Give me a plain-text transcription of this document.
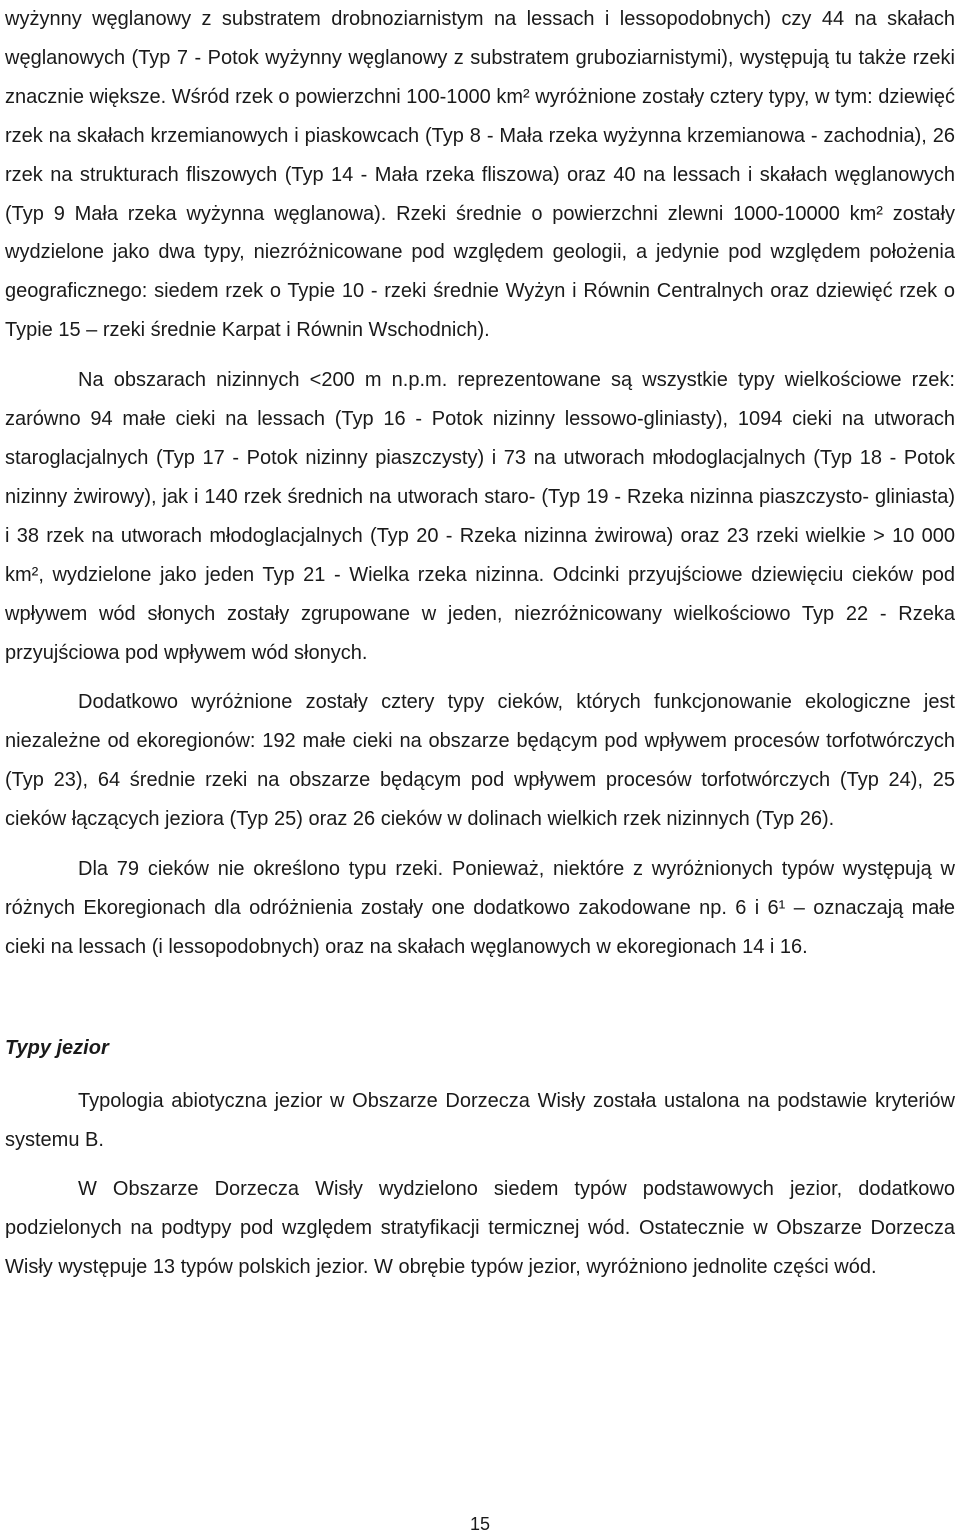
wyżynny węglanowy z substratem drobnoziarnistym na lessach i lessopodobnych) czy 44 na skałach węglanowych (Typ 7 - Potok wyżynny węglanowy z substratem gruboziarnistymi), występują tu także rzeki znacznie większe. Wśród rzek o powierzchni 100-1000 km² wyróżnione zostały cztery typy, w tym: dziewięć rzek na skałach krzemianowych i piaskowcach (Typ 8 - Mała rzeka wyżynna krzemianowa - zachodnia), 26 rzek na strukturach fliszowych (Typ 14 - Mała rzeka fliszowa) oraz 40 na lessach i skałach węglanowych (Typ 9 Mała rzeka wyżynna węglanowa). Rzeki średnie o powierzchni zlewni 1000-10000 km² zostały wydzielone jako dwa typy, niezróżnicowane pod względem geologii, a jedynie pod względem położenia geograficznego: siedem rzek o Typie 10 - rzeki średnie Wyżyn i Równin Centralnych oraz dziewięć rzek o Typie 15 – rzeki średnie Karpat i Równin Wschodnich).

Na obszarach nizinnych <200 m n.p.m. reprezentowane są wszystkie typy wielkościowe rzek: zarówno 94 małe cieki na lessach (Typ 16 - Potok nizinny lessowo-gliniasty), 1094 cieki na utworach staroglacjalnych (Typ 17 - Potok nizinny piaszczysty) i 73 na utworach młodoglacjalnych (Typ 18 - Potok nizinny żwirowy), jak i 140 rzek średnich na utworach staro- (Typ 19 - Rzeka nizinna piaszczysto- gliniasta) i 38 rzek na utworach młodoglacjalnych (Typ 20 - Rzeka nizinna żwirowa) oraz 23 rzeki wielkie > 10 000 km², wydzielone jako jeden Typ 21 - Wielka rzeka nizinna. Odcinki przyujściowe dziewięciu cieków pod wpływem wód słonych zostały zgrupowane w jeden, niezróżnicowany wielkościowo Typ 22 - Rzeka przyujściowa pod wpływem wód słonych.

Dodatkowo wyróżnione zostały cztery typy cieków, których funkcjonowanie ekologiczne jest niezależne od ekoregionów: 192 małe cieki na obszarze będącym pod wpływem procesów torfotwórczych (Typ 23), 64 średnie rzeki na obszarze będącym pod wpływem procesów torfotwórczych (Typ 24), 25 cieków łączących jeziora (Typ 25) oraz 26 cieków w dolinach wielkich rzek nizinnych (Typ 26).

Dla 79 cieków nie określono typu rzeki. Ponieważ, niektóre z wyróżnionych typów występują w różnych Ekoregionach dla odróżnienia zostały one dodatkowo zakodowane np. 6 i 6¹ – oznaczają małe cieki na lessach (i lessopodobnych) oraz na skałach węglanowych w ekoregionach 14 i 16.

Typy jezior

Typologia abiotyczna jezior w Obszarze Dorzecza Wisły została ustalona na podstawie kryteriów systemu B.

W Obszarze Dorzecza Wisły wydzielono siedem typów podstawowych jezior, dodatkowo podzielonych na podtypy pod względem stratyfikacji termicznej wód. Ostatecznie w Obszarze Dorzecza Wisły występuje 13 typów polskich jezior. W obrębie typów jezior, wyróżniono jednolite części wód.

15
